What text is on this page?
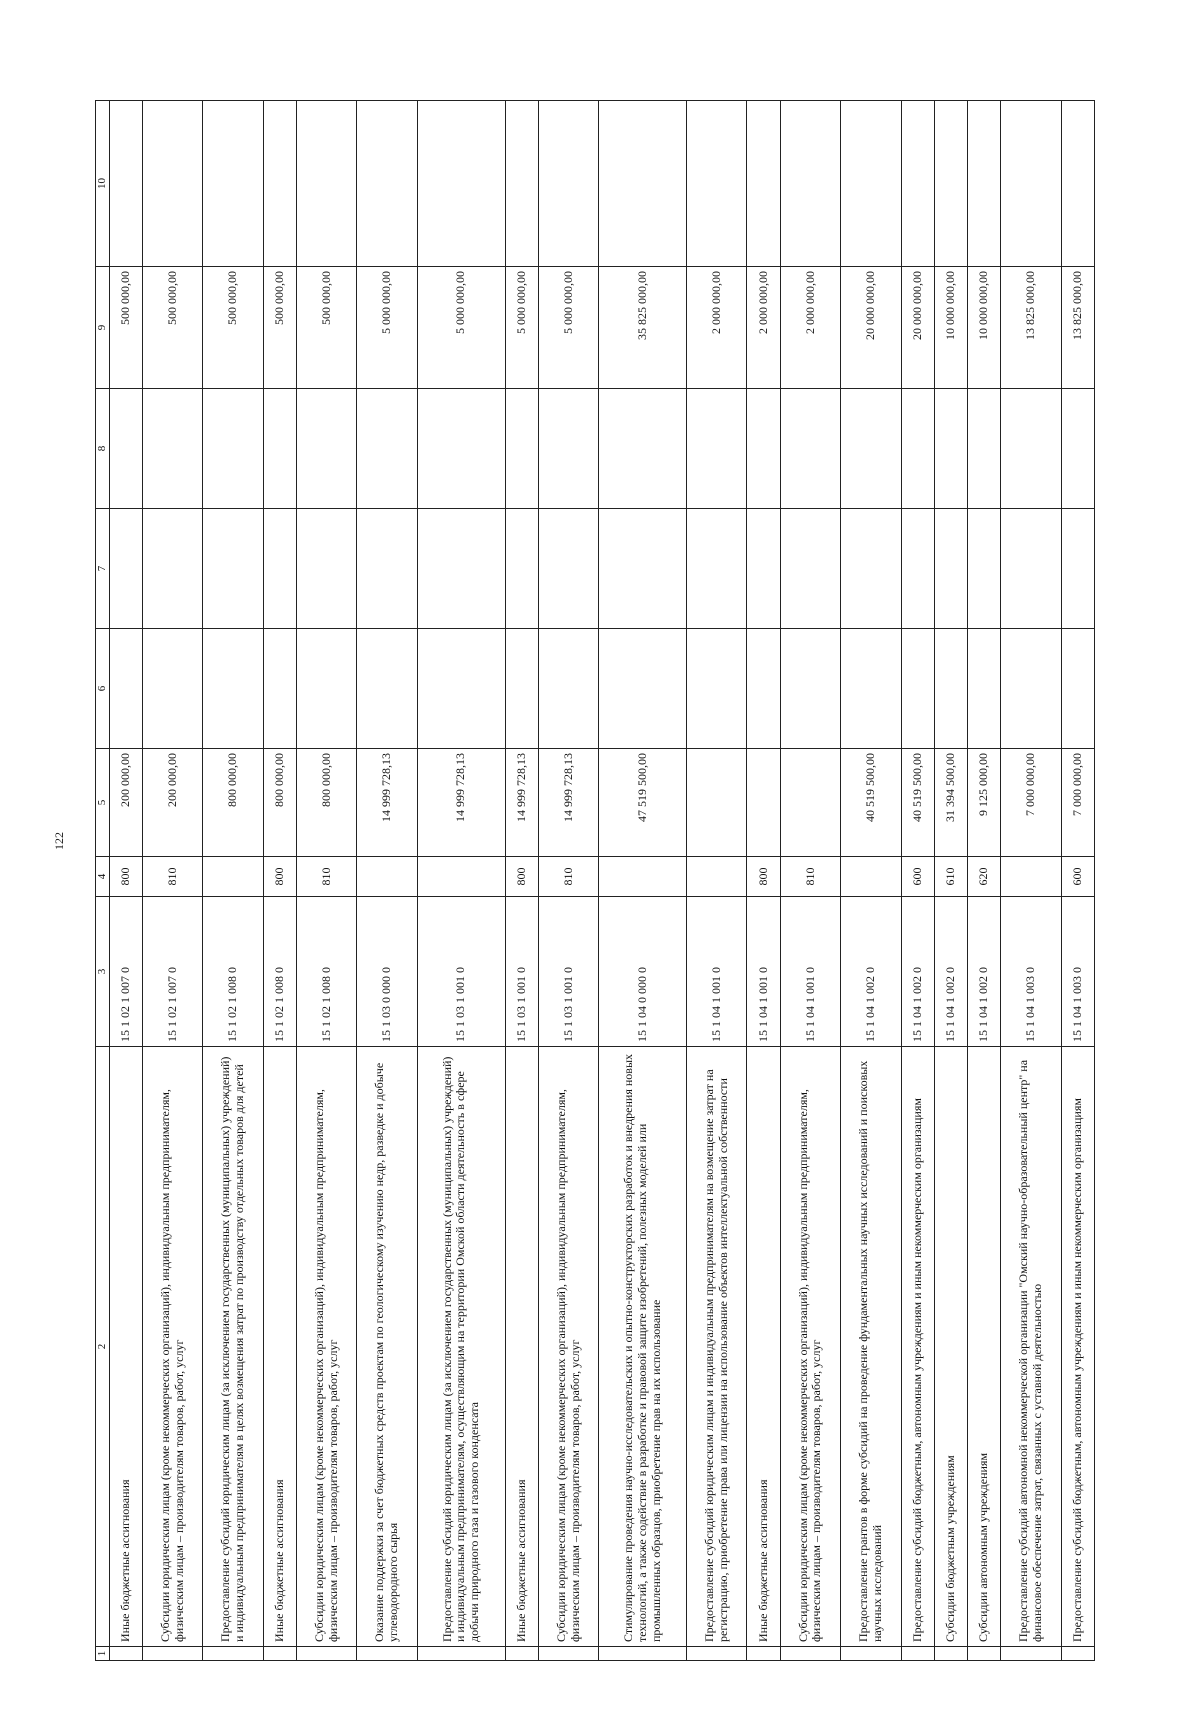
122
1	2	3	4	5	6	7	8	9	10
	Иные бюджетные ассигнования	15 1 02 1 007 0	800	200 000,00				500 000,00	
	Субсидии юридическим лицам (кроме некоммерческих организаций), индивидуальным предпринимателям, физическим лицам – производителям товаров, работ, услуг	15 1 02 1 007 0	810	200 000,00				500 000,00	
	Предоставление субсидий юридическим лицам (за исключением государственных (муниципальных) учреждений) и индивидуальным предпринимателям в целях возмещения затрат по производству отдельных товаров для детей	15 1 02 1 008 0		800 000,00				500 000,00	
	Иные бюджетные ассигнования	15 1 02 1 008 0	800	800 000,00				500 000,00	
	Субсидии юридическим лицам (кроме некоммерческих организаций), индивидуальным предпринимателям, физическим лицам – производителям товаров, работ, услуг	15 1 02 1 008 0	810	800 000,00				500 000,00	
	Оказание поддержки за счет бюджетных средств проектам по геологическому изучению недр, разведке и добыче углеводородного сырья	15 1 03 0 000 0		14 999 728,13				5 000 000,00	
	Предоставление субсидий юридическим лицам (за исключением государственных (муниципальных) учреждений) и индивидуальным предпринимателям, осуществляющим на территории Омской области деятельность в сфере добычи природного газа и газового конденсата	15 1 03 1 001 0		14 999 728,13				5 000 000,00	
	Иные бюджетные ассигнования	15 1 03 1 001 0	800	14 999 728,13				5 000 000,00	
	Субсидии юридическим лицам (кроме некоммерческих организаций), индивидуальным предпринимателям, физическим лицам – производителям товаров, работ, услуг	15 1 03 1 001 0	810	14 999 728,13				5 000 000,00	
	Стимулирование проведения научно-исследовательских и опытно-конструкторских разработок и внедрения новых технологий, а также содействие в разработке и правовой защите изобретений, полезных моделей или промышленных образцов, приобретение прав на их использование	15 1 04 0 000 0		47 519 500,00				35 825 000,00	
	Предоставление субсидий юридическим лицам и индивидуальным предпринимателям на возмещение затрат на регистрацию, приобретение права или лицензии на использование объектов интеллектуальной собственности	15 1 04 1 001 0						2 000 000,00	
	Иные бюджетные ассигнования	15 1 04 1 001 0	800					2 000 000,00	
	Субсидии юридическим лицам (кроме некоммерческих организаций), индивидуальным предпринимателям, физическим лицам – производителям товаров, работ, услуг	15 1 04 1 001 0	810					2 000 000,00	
	Предоставление грантов в форме субсидий на проведение фундаментальных научных исследований и поисковых научных исследований	15 1 04 1 002 0		40 519 500,00				20 000 000,00	
	Предоставление субсидий бюджетным, автономным учреждениям и иным некоммерческим организациям	15 1 04 1 002 0	600	40 519 500,00				20 000 000,00	
	Субсидии бюджетным учреждениям	15 1 04 1 002 0	610	31 394 500,00				10 000 000,00	
	Субсидии автономным учреждениям	15 1 04 1 002 0	620	9 125 000,00				10 000 000,00	
	Предоставление субсидий автономной некоммерческой организации "Омский научно-образовательный центр" на финансовое обеспечение затрат, связанных с уставной деятельностью	15 1 04 1 003 0		7 000 000,00				13 825 000,00	
	Предоставление субсидий бюджетным, автономным учреждениям и иным некоммерческим организациям	15 1 04 1 003 0	600	7 000 000,00				13 825 000,00	
